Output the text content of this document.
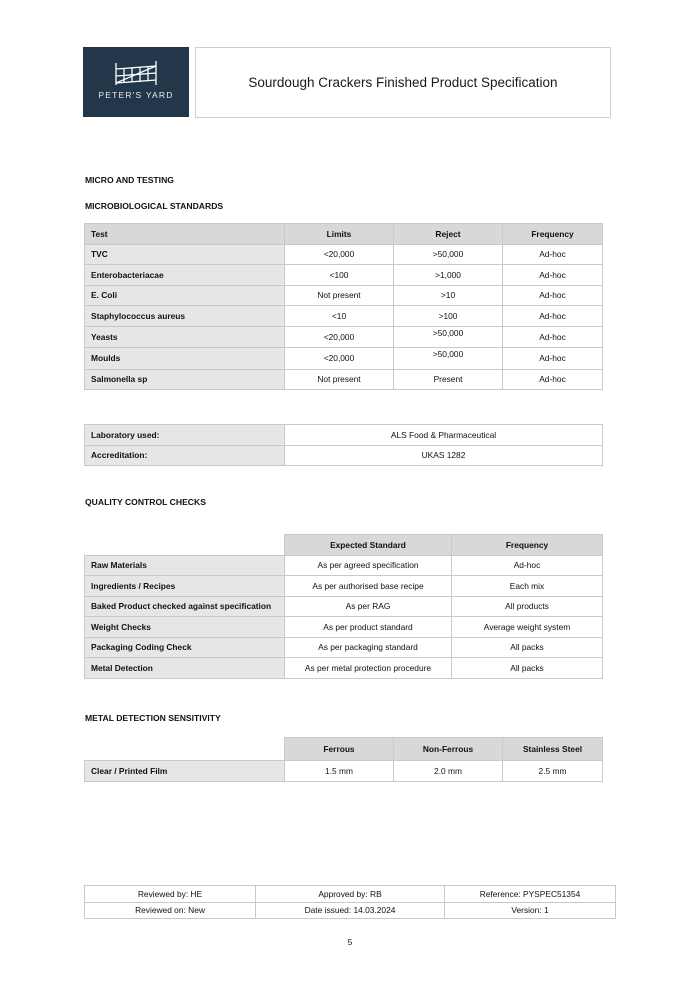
PETER'S YARD
Sourdough Crackers Finished Product Specification
MICRO AND TESTING
MICROBIOLOGICAL STANDARDS
Test	Limits	Reject	Frequency
TVC	<20,000	>50,000	Ad-hoc
Enterobacteriacae	<100	>1,000	Ad-hoc
E. Coli	Not present	>10	Ad-hoc
Staphylococcus aureus	<10	>100	Ad-hoc
Yeasts	<20,000	>50,000	Ad-hoc
Moulds	<20,000	>50,000	Ad-hoc
Salmonella sp	Not present	Present	Ad-hoc
Laboratory used:	ALS Food & Pharmaceutical
Accreditation:	UKAS 1282
QUALITY CONTROL CHECKS
	Expected Standard	Frequency
Raw Materials	As per agreed specification	Ad-hoc
Ingredients / Recipes	As per authorised base recipe	Each mix
Baked Product checked against specification	As per RAG	All products
Weight Checks	As per product standard	Average weight system
Packaging Coding Check	As per packaging standard	All packs
Metal Detection	As per metal protection procedure	All packs
METAL DETECTION SENSITIVITY
	Ferrous	Non-Ferrous	Stainless Steel
Clear / Printed Film	1.5 mm	2.0 mm	2.5 mm
Reviewed by: HE	Approved by: RB	Reference: PYSPEC51354
Reviewed on: New	Date issued: 14.03.2024	Version: 1
5
